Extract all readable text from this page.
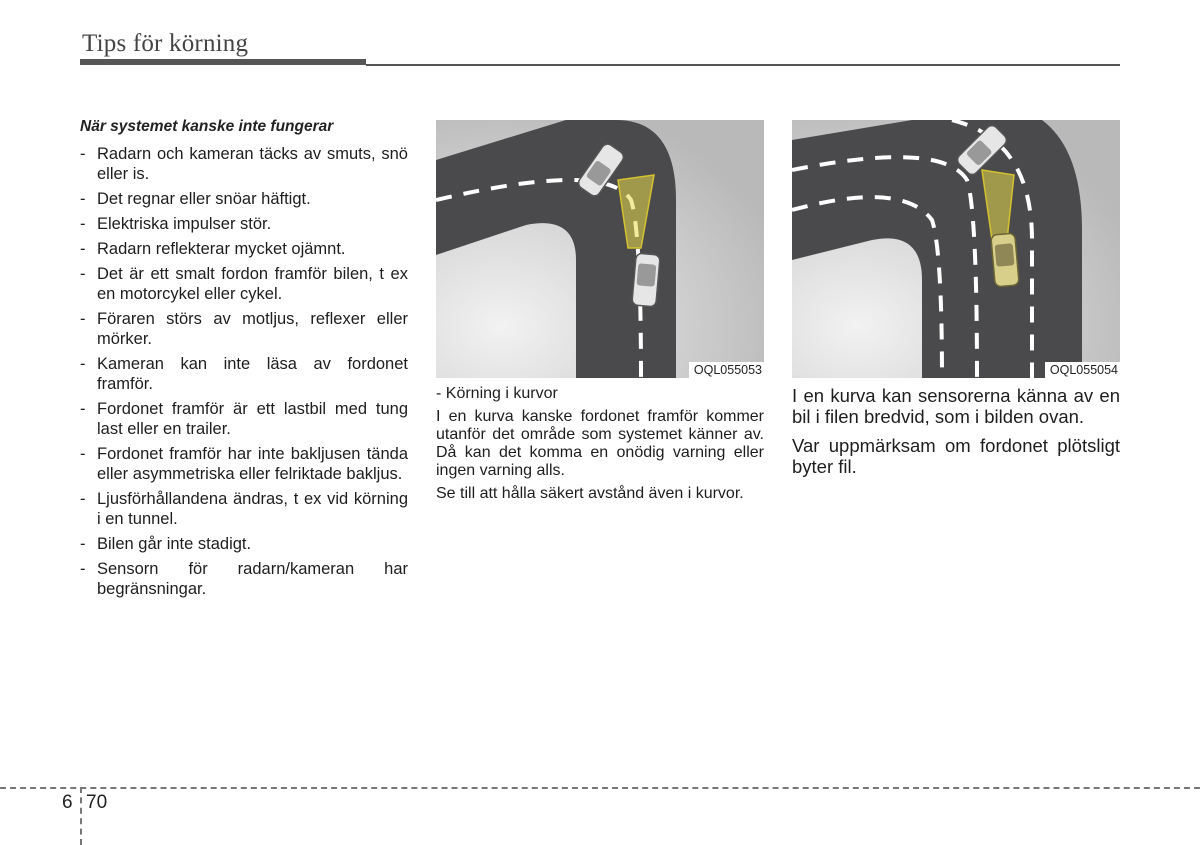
Tips för körning
När systemet kanske inte fungerar
- Radarn och kameran täcks av smuts, snö eller is.
- Det regnar eller snöar häftigt.
- Elektriska impulser stör.
- Radarn reflekterar mycket ojämnt.
- Det är ett smalt fordon framför bilen, t ex en motorcykel eller cykel.
- Föraren störs av motljus, reflexer eller mörker.
- Kameran kan inte läsa av fordonet framför.
- Fordonet framför är ett lastbil med tung last eller en trailer.
- Fordonet framför har inte bakljusen tända eller asymmetriska eller felriktade bakljus.
- Ljusförhållandena ändras, t ex vid körning i en tunnel.
- Bilen går inte stadigt.
- Sensorn för radarn/kameran har begränsningar.
OQL055053	OQL055054

- Körning i kurvor

I en kurva kanske fordonet framför kommer utanför det område som systemet känner av. Då kan det komma en onödig varning eller ingen varning alls.

Se till att hålla säkert avstånd även i kurvor.

I en kurva kan sensorerna känna av en bil i filen bredvid, som i bilden ovan.

Var uppmärksam om fordonet plötsligt byter fil.

6 70
